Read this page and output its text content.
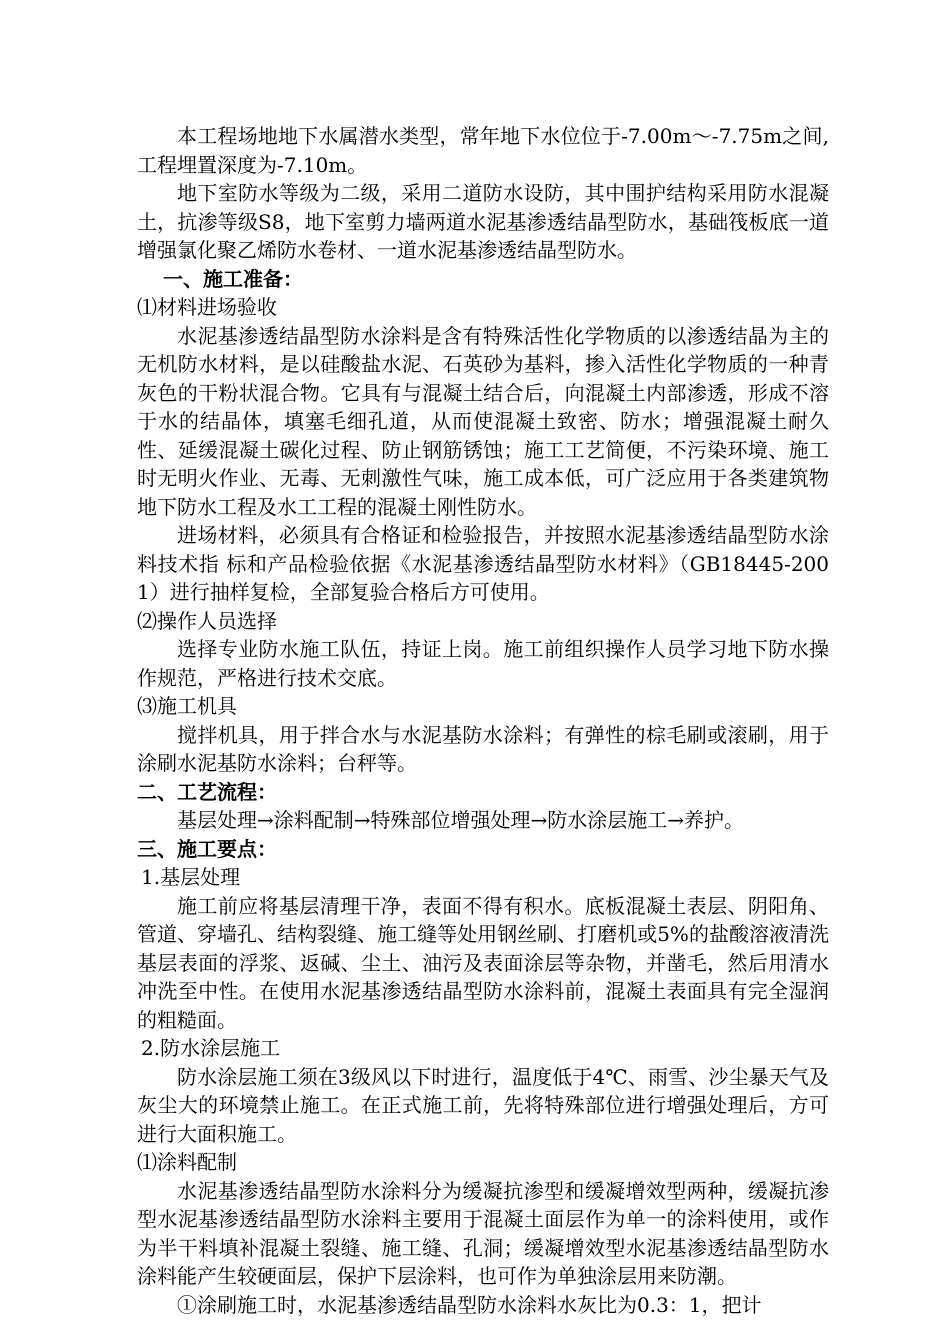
本工程场地地下水属潜水类型，常年地下水位位于-7.00m～-7.75m之间,工程埋置深度为-7.10m。

地下室防水等级为二级，采用二道防水设防，其中围护结构采用防水混凝土，抗渗等级S8，地下室剪力墙两道水泥基渗透结晶型防水，基础筏板底一道增强氯化聚乙烯防水卷材、一道水泥基渗透结晶型防水。

一、施工准备：

⑴材料进场验收

水泥基渗透结晶型防水涂料是含有特殊活性化学物质的以渗透结晶为主的无机防水材料，是以硅酸盐水泥、石英砂为基料，掺入活性化学物质的一种青灰色的干粉状混合物。它具有与混凝土结合后，向混凝土内部渗透，形成不溶于水的结晶体，填塞毛细孔道，从而使混凝土致密、防水；增强混凝土耐久性、延缓混凝土碳化过程、防止钢筋锈蚀；施工工艺简便，不污染环境、施工时无明火作业、无毒、无刺激性气味，施工成本低，可广泛应用于各类建筑物地下防水工程及水工工程的混凝土刚性防水。

进场材料，必须具有合格证和检验报告，并按照水泥基渗透结晶型防水涂料技术指 标和产品检验依据《水泥基渗透结晶型防水材料》（GB18445-2001）进行抽样复检，全部复验合格后方可使用。

⑵操作人员选择

选择专业防水施工队伍，持证上岗。施工前组织操作人员学习地下防水操作规范，严格进行技术交底。

⑶施工机具

搅拌机具，用于拌合水与水泥基防水涂料；有弹性的棕毛刷或滚刷，用于涂刷水泥基防水涂料；台秤等。

二、工艺流程：

基层处理→涂料配制→特殊部位增强处理→防水涂层施工→养护。

三、施工要点：

1.基层处理

施工前应将基层清理干净，表面不得有积水。底板混凝土表层、阴阳角、管道、穿墙孔、结构裂缝、施工缝等处用钢丝刷、打磨机或5%的盐酸溶液清洗基层表面的浮浆、返碱、尘土、油污及表面涂层等杂物，并凿毛，然后用清水冲洗至中性。在使用水泥基渗透结晶型防水涂料前，混凝土表面具有完全湿润的粗糙面。

2.防水涂层施工

防水涂层施工须在3级风以下时进行，温度低于4℃、雨雪、沙尘暴天气及灰尘大的环境禁止施工。在正式施工前，先将特殊部位进行增强处理后，方可进行大面积施工。

⑴涂料配制

水泥基渗透结晶型防水涂料分为缓凝抗渗型和缓凝增效型两种，缓凝抗渗型水泥基渗透结晶型防水涂料主要用于混凝土面层作为单一的涂料使用，或作为半干料填补混凝土裂缝、施工缝、孔洞；缓凝增效型水泥基渗透结晶型防水涂料能产生较硬面层，保护下层涂料，也可作为单独涂层用来防潮。

①涂刷施工时，水泥基渗透结晶型防水涂料水灰比为0.3：1，把计
